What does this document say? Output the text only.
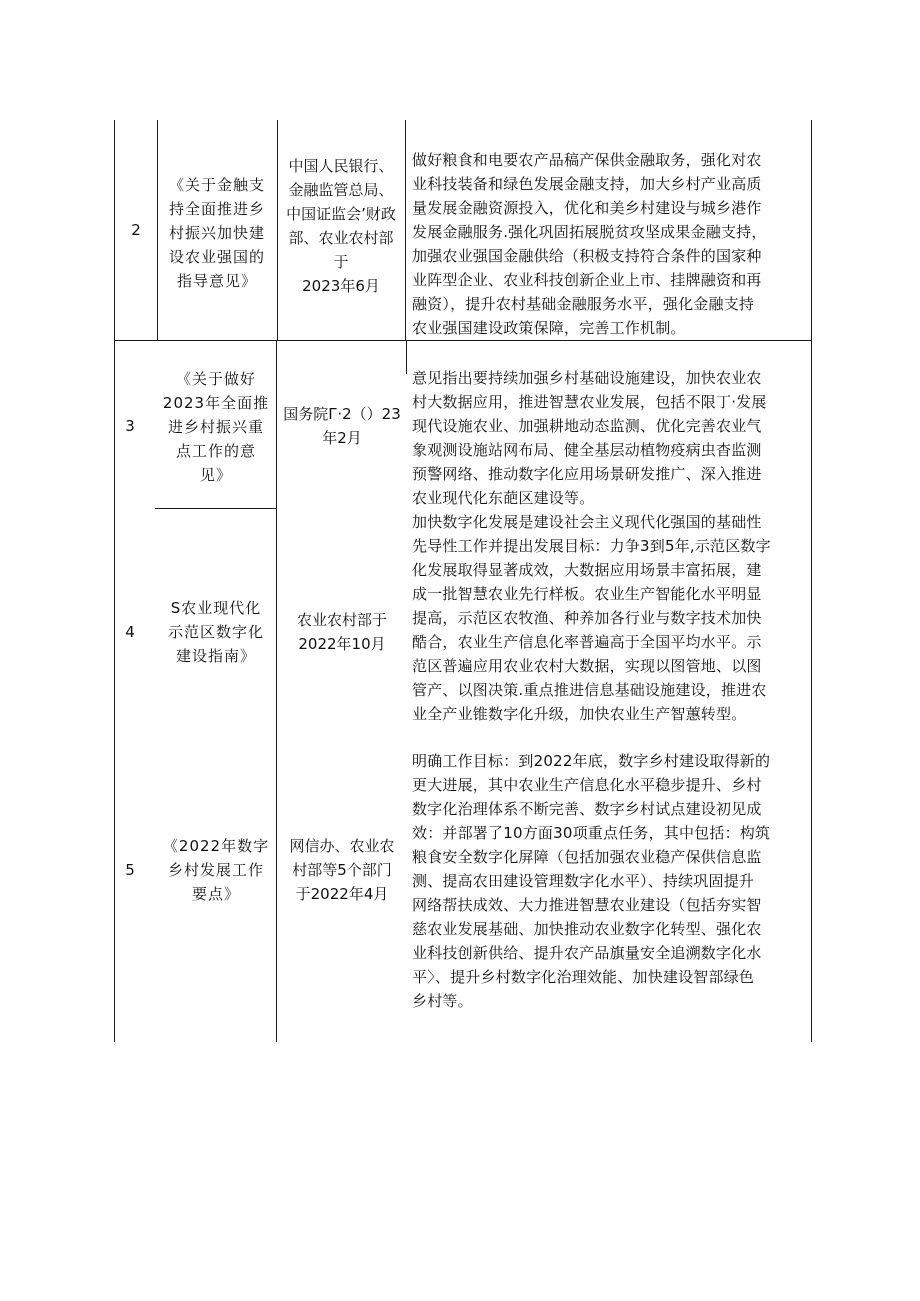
2
《关于金触支
持全面推进乡
村振兴加快建
设农业强国的
指导意见》
中国人民银行、
金融监管总局、
中国证监会’财政
部、农业农村部
于
2023年6月
做好粮食和电要农产品稿产保供金融取务，强化对农
业科技装备和绿色发展金融支持，加大乡村产业高质
量发展金融资源投入，优化和美乡村建设与城乡港作
发展金融服务.强化巩固拓展脱贫攻坚成果金融支持，
加强农业强国金融供给（积极支持符合条件的国家种
业阵型企业、农业科技创新企业上市、挂牌融资和再
融资），提升农村基础金融服务水平，强化金融支持
农业强国建设政策保障，完善工作机制。
3
《关于做好
2023年全面推
进乡村振兴重
点工作的意
见》
国务院Г·2（）23
年2月
意见指出要持续加强乡村基础设施建设，加快农业农
村大数据应用，推进智慧农业发展，包括不限丁·发展
现代设施农业、加强耕地动态监测、优化完善农业气
象观测设施站网布局、健全基层动植物疫病虫杳监测
预警网络、推动数字化应用场景研发推广、深入推进
农业现代化东葩区建设等。
4
S农业现代化
示范区数字化
建设指南》
农业农村部于
2022年10月
加快数字化发展是建设社会主义现代化强国的基础性
先导性工作并提出发展目标：力争3到5年,示范区数字
化发展取得显著成效，大数据应用场景丰富拓展，建
成一批智慧农业先行样板。农业生产智能化水平明显
提高，示范区农牧渔、种养加各行业与数字技术加快
酷合，农业生产信息化率普遍高于全国平均水平。示
范区普遍应用农业农村大数据，实现以图管地、以图
管产、以图决策.重点推进信息基础设施建设，推进农
业全产业锥数字化升级，加快农业生产智蕙转型。
5
《2022年数字
乡村发展工作
要点》
网信办、农业农
村部等5个部门
于2022年4月
明确工作目标：到2022年底，数字乡村建设取得新的
更大进展，其中农业生产信息化水平稳步提升、乡村
数字化治理体系不断完善、数字乡村试点建设初见成
效：并部署了10方面30项重点任务，其中包括：构筑
粮食安全数字化屏障（包括加强农业稳产保供信息监
测、提高农田建设管理数字化水平）、持续巩固提升
网络帮扶成效、大力推进智慧农业建设（包括夯实智
慈农业发展基础、加快推动农业数字化转型、强化农
业科技创新供给、提升农产品旗量安全追溯数字化水
平〉、提升乡村数字化治理效能、加快建设智部绿色
乡村等。
